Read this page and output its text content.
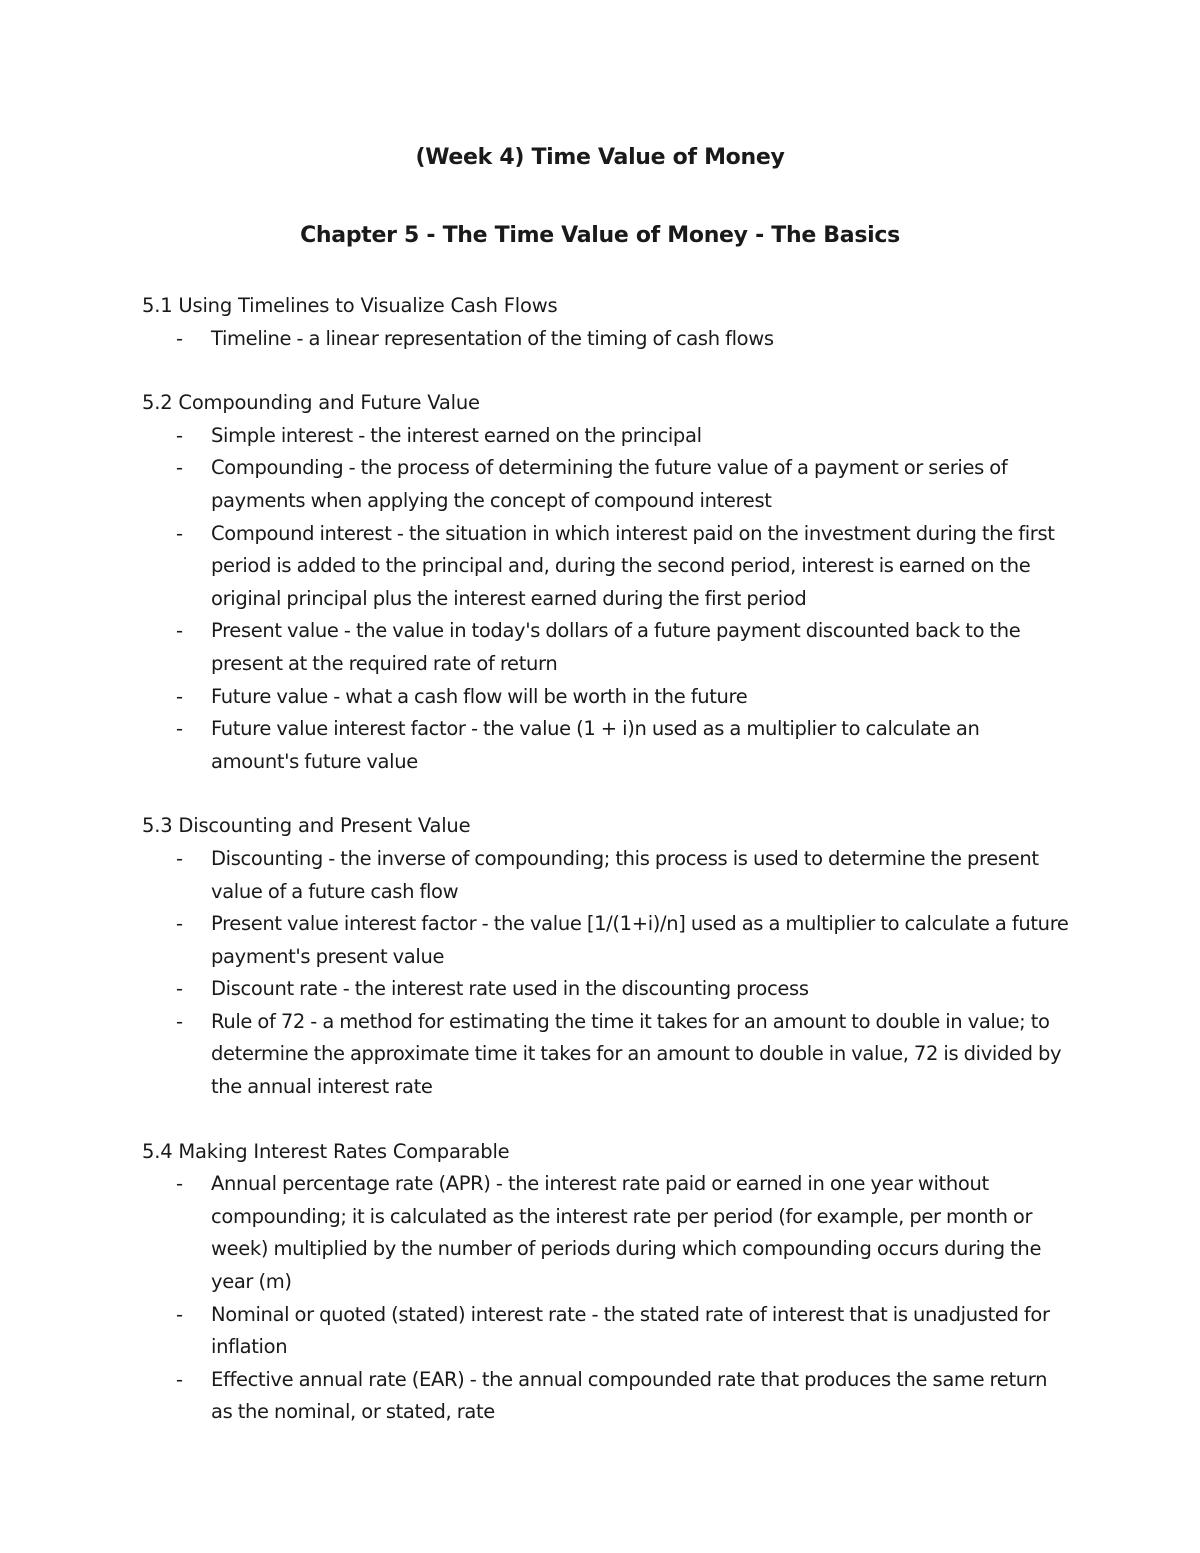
(Week 4) Time Value of Money
Chapter 5 - The Time Value of Money - The Basics

5.1 Using Timelines to Visualize Cash Flows

- Timeline - a linear representation of the timing of cash flows

5.2 Compounding and Future Value

- Simple interest - the interest earned on the principal
- Compounding - the process of determining the future value of a payment or series of payments when applying the concept of compound interest
- Compound interest - the situation in which interest paid on the investment during the first period is added to the principal and, during the second period, interest is earned on the original principal plus the interest earned during the first period
- Present value - the value in today's dollars of a future payment discounted back to the present at the required rate of return
- Future value - what a cash flow will be worth in the future
- Future value interest factor - the value (1 + i)n used as a multiplier to calculate an amount's future value

5.3 Discounting and Present Value

- Discounting - the inverse of compounding; this process is used to determine the present value of a future cash flow
- Present value interest factor - the value [1/(1+i)/n] used as a multiplier to calculate a future payment's present value
- Discount rate - the interest rate used in the discounting process
- Rule of 72 - a method for estimating the time it takes for an amount to double in value; to determine the approximate time it takes for an amount to double in value, 72 is divided by the annual interest rate

5.4 Making Interest Rates Comparable

- Annual percentage rate (APR) - the interest rate paid or earned in one year without compounding; it is calculated as the interest rate per period (for example, per month or week) multiplied by the number of periods during which compounding occurs during the year (m)
- Nominal or quoted (stated) interest rate - the stated rate of interest that is unadjusted for inflation
- Effective annual rate (EAR) - the annual compounded rate that produces the same return as the nominal, or stated, rate
